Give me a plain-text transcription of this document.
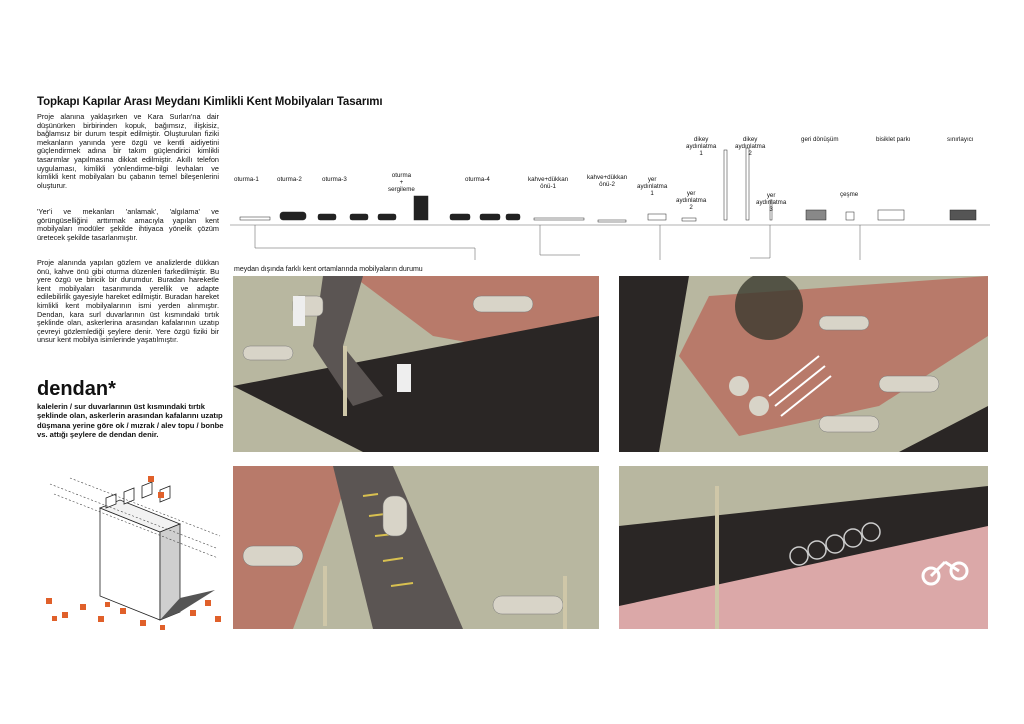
Topkapı Kapılar Arası Meydanı Kimlikli Kent Mobilyaları Tasarımı
Proje alanına yaklaşırken ve Kara Surları'na dair düşünürken birbirinden kopuk, bağımsız, ilişkisiz, bağlamsız bir durum tespit edilmiştir. Oluşturulan fiziki mekanların yanında yere özgü ve kentli aidiyetini güçlendirmek adına bir takım güçlendirici kimlikli tasarımlar yapılmasına dikkat edilmiştir. Akıllı telefon uygulaması, kimlikli yönlendirme-bilgi levhaları ve kimlikli kent mobilyaları bu çabanın temel bileşenlerini oluşturur.
'Yer'i ve mekanları 'anlamak', 'algılama' ve görüngüselliğini arttırmak amacıyla yapılan kent mobilyaları modüler şekilde ihtiyaca yönelik çözüm üretecek şekilde tasarlanmıştır.
Proje alanında yapılan gözlem ve analizlerde dükkan önü, kahve önü gibi oturma düzenleri farkedilmiştir. Bu yere özgü ve biricik bir durumdur. Buradan hareketle kent mobilyaları tasarımında yerellik ve adapte edilebilirlik gayesiyle hareket edilmiştir. Buradan hareket kimlikli kent mobilyalarının ismi yerden alınmıştır. Dendan, kara surl duvarlarının üst kısmındaki tırtık şeklinde olan, askerlerina arasından kafalarının uzatıp çevreyi gözlemlediği şeylere denir. Yere özgü fiziki bir unsur kent mobilya isimlerinde yaşatılmıştır.
dendan*
kalelerin / sur duvarlarının üst kısmındaki tırtık şeklinde olan, askerlerin arasından kafalarını uzatıp düşmana yerine göre ok / mızrak / alev topu / bonbe vs. attığı şeylere de dendan denir.
oturma-1	oturma-2	oturma-3
oturma
+
sergileme
oturma-4	kahve+dükkan
önü-1
kahve+dükkan
önü-2
yer
aydınlatma
1	yer
aydınlatma
2
dikey
aydınlatma
1
dikey
aydınlatma
2
yer
aydınlatma
3
geri dönüşüm
çeşme
bisiklet parkı	sınırlayıcı
meydan dışında farklı kent ortamlarında mobilyaların durumu
